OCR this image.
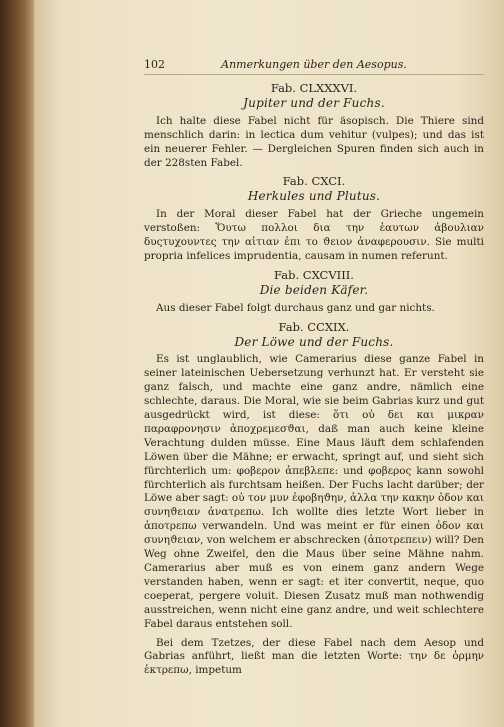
102	Anmerkungen über den Aesopus.
Fab. CLXXXVI.
Jupiter und der Fuchs.

Ich halte diese Fabel nicht für äsopisch. Die Thiere sind menschlich darin: in lectica dum vehitur (vulpes); und das ist ein neuerer Fehler. — Dergleichen Spuren finden sich auch in der 228sten Fabel.

Fab. CXCI.
Herkules und Plutus.

In der Moral dieser Fabel hat der Grieche ungemein verstoßen: Ὅυτω πολλοι δια την ἑαυτων ἀβουλιαν δυςτυχουντες την αἰτιαν ἐπι το ϑειον ἀναφερουσιν. Sie multi propria infelices imprudentia, causam in numen referunt.

Fab. CXCVIII.
Die beiden Käfer.

Aus dieser Fabel folgt durchaus ganz und gar nichts.

Fab. CCXIX.
Der Löwe und der Fuchs.

Es ist unglaublich, wie Camerarius diese ganze Fabel in seiner lateinischen Uebersetzung verhunzt hat. Er versteht sie ganz falsch, und machte eine ganz andre, nämlich eine schlechte, daraus. Die Moral, wie sie beim Gabrias kurz und gut ausgedrückt wird, ist diese: ὅτι οὐ δει και μικραν παραφρονησιν ἀποχρεμεσϑαι, daß man auch keine kleine Verachtung dulden müsse. Eine Maus läuft dem schlafenden Löwen über die Mähne; er erwacht, springt auf, und sieht sich fürchterlich um: φοβερον ἀπεβλεπε: und φοβερος kann sowohl fürchterlich als furchtsam heißen. Der Fuchs lacht darüber; der Löwe aber sagt: οὐ τον μυν ἐφοβηϑην, ἀλλα την κακην ὁδον και συνηϑειαν ἀνατρεπω. Ich wollte dies letzte Wort lieber in ἀποτρεπω verwandeln. Und was meint er für einen ὁδον και συνηϑειαν, von welchem er abschrecken (ἀποτρεπειν) will? Den Weg ohne Zweifel, den die Maus über seine Mähne nahm. Camerarius aber muß es von einem ganz andern Wege verstanden haben, wenn er sagt: et iter convertit, neque, quo coeperat, pergere voluit. Diesen Zusatz muß man nothwendig ausstreichen, wenn nicht eine ganz andre, und weit schlechtere Fabel daraus entstehen soll.

Bei dem Tzetzes, der diese Fabel nach dem Aesop und Gabrias anführt, ließt man die letzten Worte: την δε ὁρμην ἐκτρεπω, impetum
